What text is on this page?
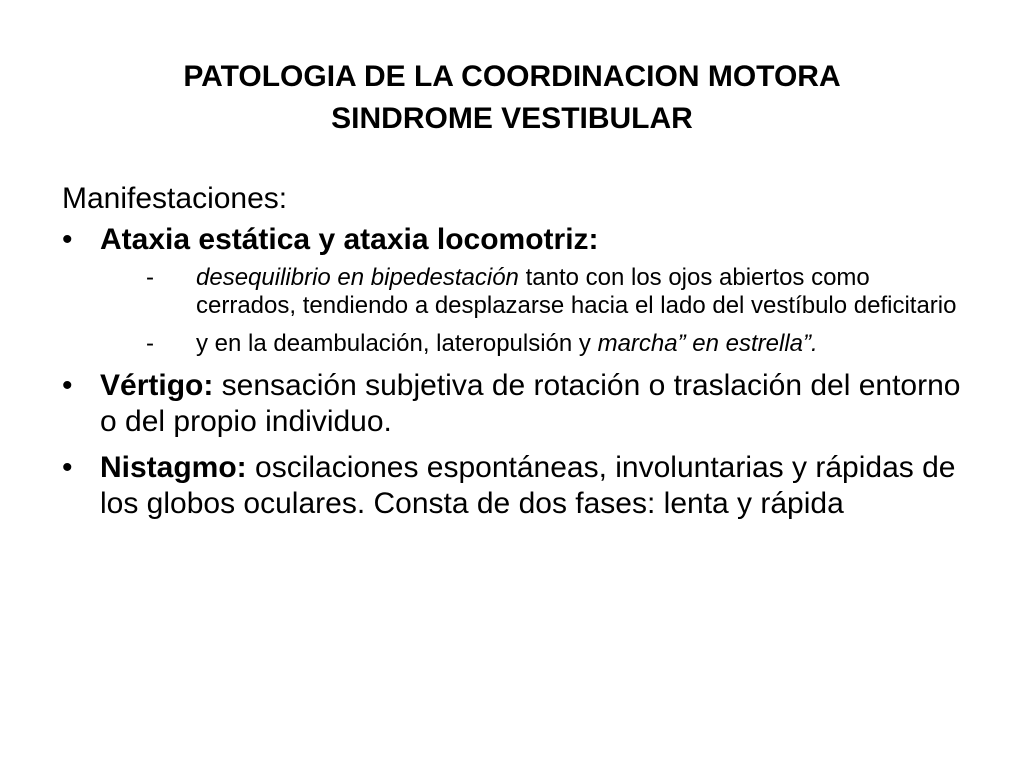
PATOLOGIA DE LA COORDINACION MOTORA
SINDROME VESTIBULAR
Manifestaciones:
• Ataxia estática y ataxia locomotriz:
- desequilibrio en bipedestación tanto con los ojos abiertos como cerrados, tendiendo a desplazarse hacia el lado del vestíbulo deficitario
- y en la deambulación, lateropulsión y marcha” en estrella”.
• Vértigo: sensación subjetiva de rotación o traslación del entorno o del propio individuo.
• Nistagmo: oscilaciones espontáneas, involuntarias y rápidas de los globos oculares. Consta de dos fases: lenta y rápida
